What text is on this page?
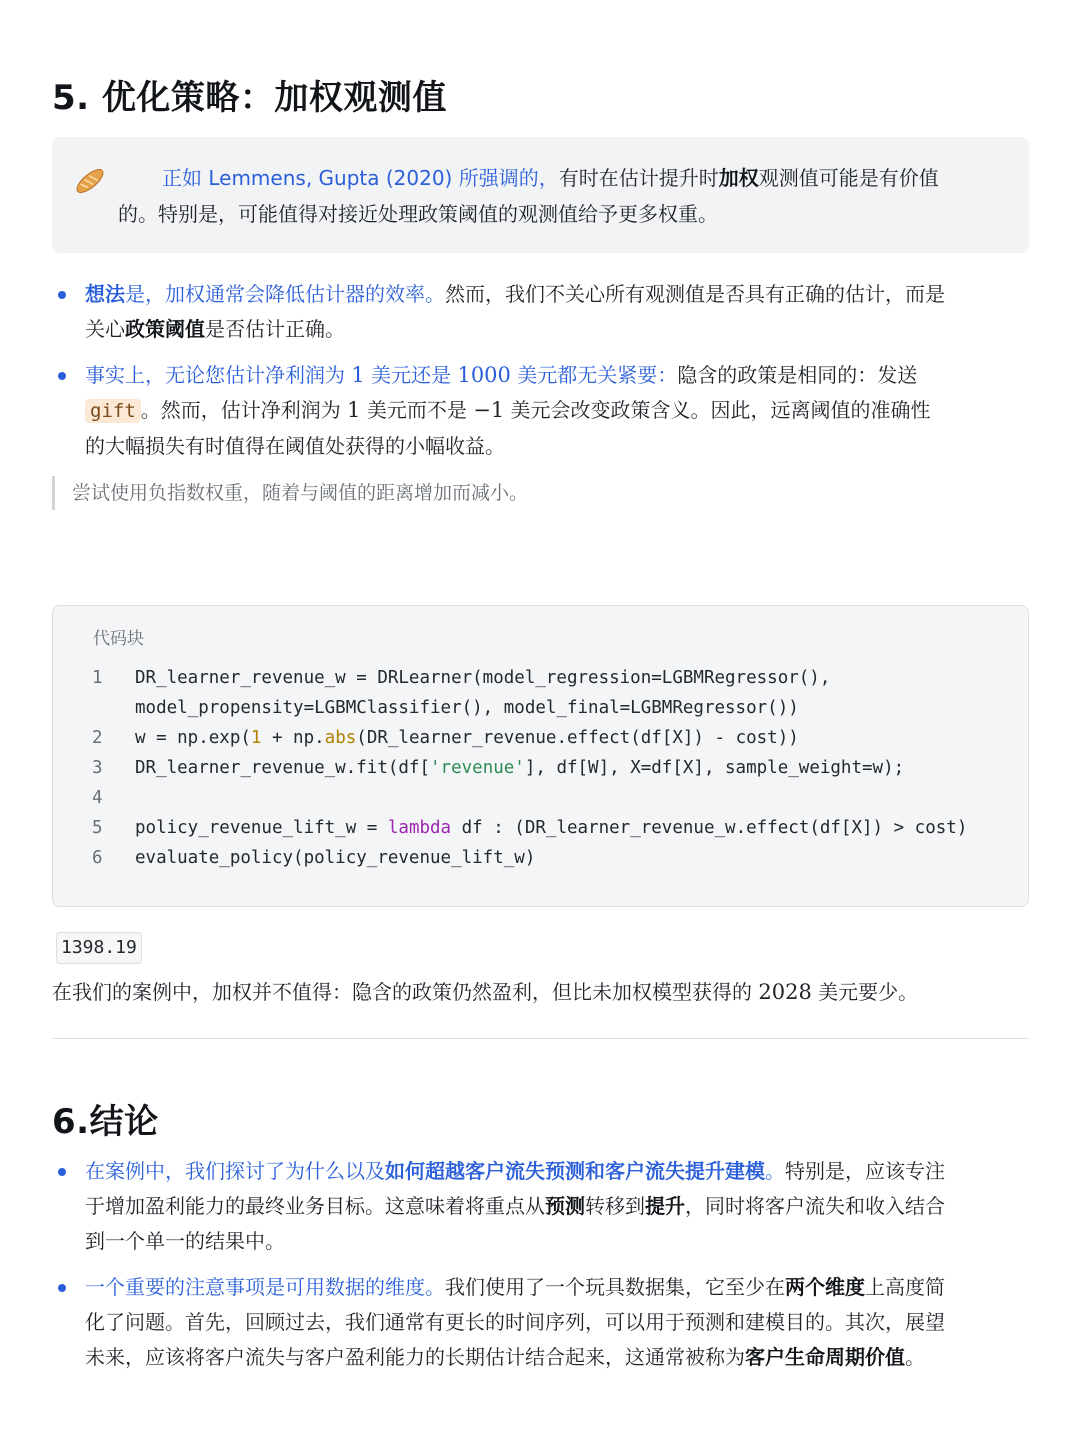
5. 优化策略：加权观测值
正如 Lemmens, Gupta (2020) 所强调的，有时在估计提升时加权观测值可能是有价值
的。特别是，可能值得对接近处理政策阈值的观测值给予更多权重。
想法是，加权通常会降低估计器的效率。然而，我们不关心所有观测值是否具有正确的估计，而是
关心政策阈值是否估计正确。
事实上，无论您估计净利润为 1 美元还是 1000 美元都无关紧要：隐含的政策是相同的：发送
gift 。然而，估计净利润为 1 美元而不是 −1 美元会改变政策含义。因此，远离阈值的准确性
的大幅损失有时值得在阈值处获得的小幅收益。
尝试使用负指数权重，随着与阈值的距离增加而减小。
代码块
1	DR_learner_revenue_w = DRLearner(model_regression=LGBMRegressor(),
model_propensity=LGBMClassifier(), model_final=LGBMRegressor())
2	w = np.exp(1 + np.abs(DR_learner_revenue.effect(df[X]) - cost))
3	DR_learner_revenue_w.fit(df['revenue'], df[W], X=df[X], sample_weight=w);
4
5	policy_revenue_lift_w = lambda df : (DR_learner_revenue_w.effect(df[X]) > cost)
6	evaluate_policy(policy_revenue_lift_w)
1398.19
在我们的案例中，加权并不值得：隐含的政策仍然盈利，但比未加权模型获得的 2028 美元要少。
6.结论
在案例中，我们探讨了为什么以及如何超越客户流失预测和客户流失提升建模。特别是，应该专注
于增加盈利能力的最终业务目标。这意味着将重点从预测转移到提升，同时将客户流失和收入结合
到一个单一的结果中。
一个重要的注意事项是可用数据的维度。我们使用了一个玩具数据集，它至少在两个维度上高度简
化了问题。首先，回顾过去，我们通常有更长的时间序列，可以用于预测和建模目的。其次，展望
未来，应该将客户流失与客户盈利能力的长期估计结合起来，这通常被称为客户生命周期价值。
